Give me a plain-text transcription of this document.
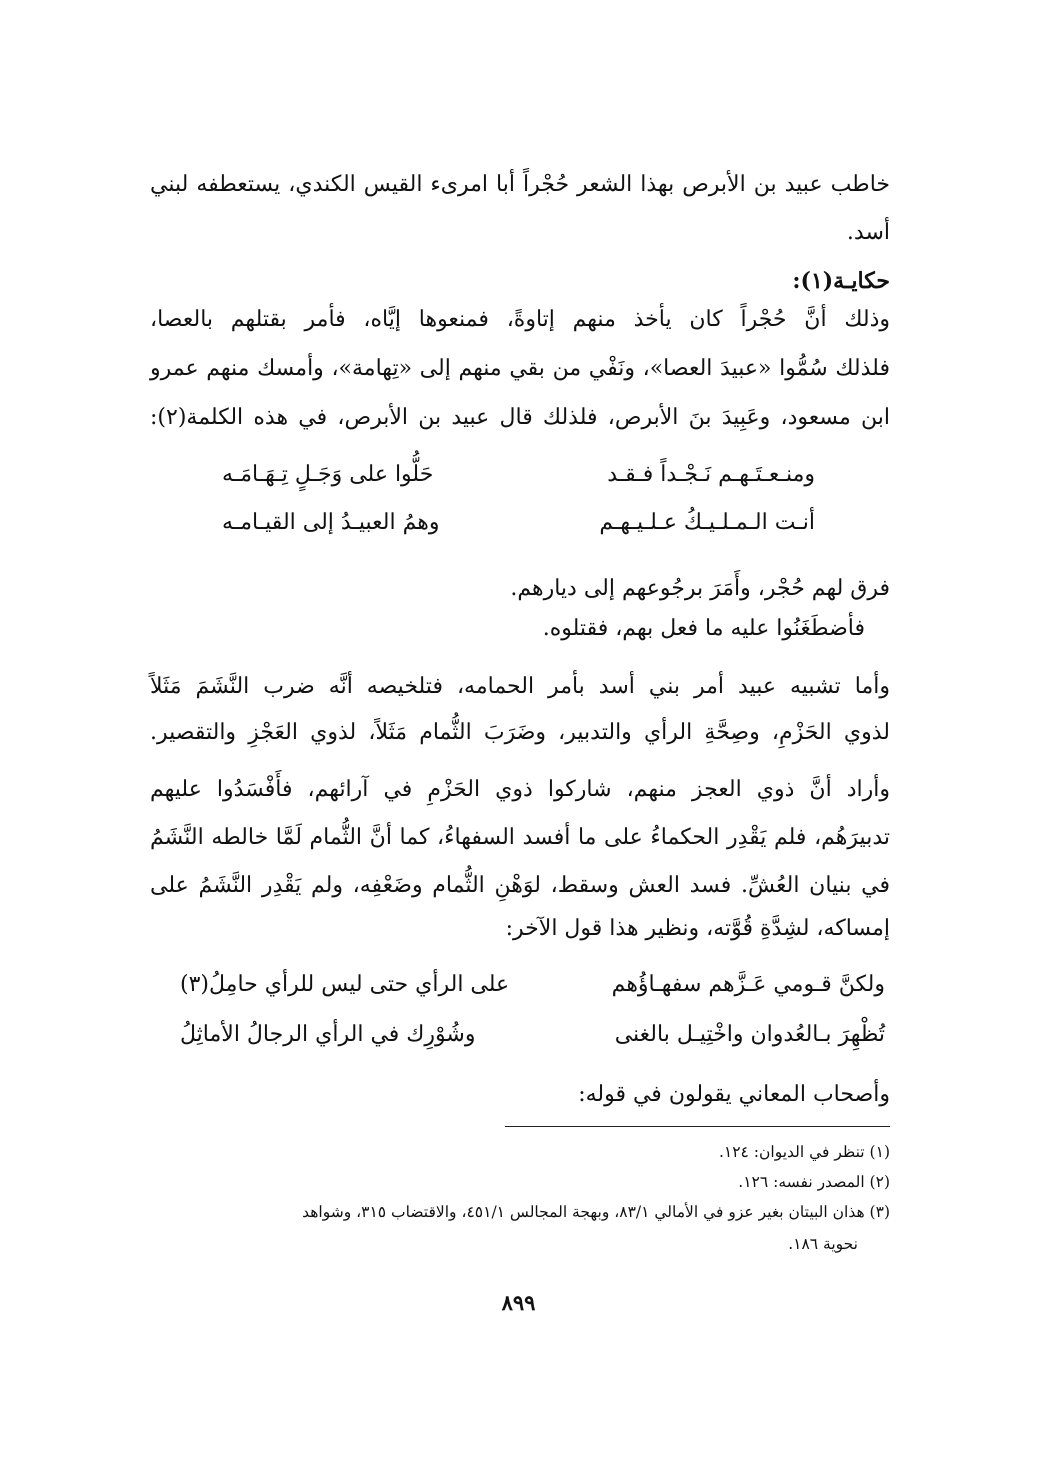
خاطب عبيد بن الأبرص بهذا الشعر حُجْراً أبا امرىء القيس الكندي، يستعطفه لبني
أسد.
حكايـة(١):
وذلك أنَّ حُجْراً كان يأخذ منهم إتاوةً، فمنعوها إيَّاه، فأمر بقتلهم بالعصا،
فلذلك سُمُّوا «عبيدَ العصا»، ونَفْي من بقي منهم إلى «تِهامة»، وأمسك منهم عمرو
ابن مسعود، وعَبِيدَ بنَ الأبرص، فلذلك قال عبيد بن الأبرص، في هذه الكلمة(٢):
ومنـعـتَـهـم نَـجْـداً فـقـد
حَلُّوا على وَجَـلٍ تِـهَـامَـه
أنـت الـمـلـيـكُ عـلـيـهـم
وهمُ العبيـدُ إلى القيـامـه
فرق لهم حُجْر، وأَمَرَ برجُوعهم إلى ديارهم.
فأضطَغَنُوا عليه ما فعل بهم، فقتلوه.
وأما تشبيه عبيد أمر بني أسد بأمر الحمامه، فتلخيصه أنَّه ضرب النَّشَمَ مَثَلاً
لذوي الحَزْمِ، وصِحَّةِ الرأي والتدبير، وضَرَبَ الثُّمام مَثَلاً، لذوي العَجْزِ والتقصير.
وأراد أنَّ ذوي العجز منهم، شاركوا ذوي الحَزْمِ في آرائهم، فأَفْسَدُوا عليهم
تدبيرَهُم، فلم يَقْدِر الحكماءُ على ما أفسد السفهاءُ، كما أنَّ الثُّمام لَمَّا خالطه النَّشَمُ
في بنيان العُشِّ. فسد العش وسقط، لوَهْنِ الثُّمام وضَعْفِه، ولم يَقْدِر النَّشَمُ على
إمساكه، لشِدَّةِ قُوَّته، ونظير هذا قول الآخر:
ولكنَّ قـومي عَـزَّهم سفهـاؤُهم
على الرأي حتى ليس للرأي حامِلُ(٣)
تُظْهِرَ بـالعُدوان واخْتِيـل بالغنى
وشُوْرِك في الرأي الرجالُ الأماثِلُ
وأصحاب المعاني يقولون في قوله:
(١) تنظر في الديوان: ١٢٤.
(٢) المصدر نفسه: ١٢٦.
(٣) هذان البيتان بغير عزو في الأمالي ٨٣/١، وبهجة المجالس ٤٥١/١، والاقتضاب ٣١٥، وشواهد
نحوية ١٨٦.
٨٩٩
